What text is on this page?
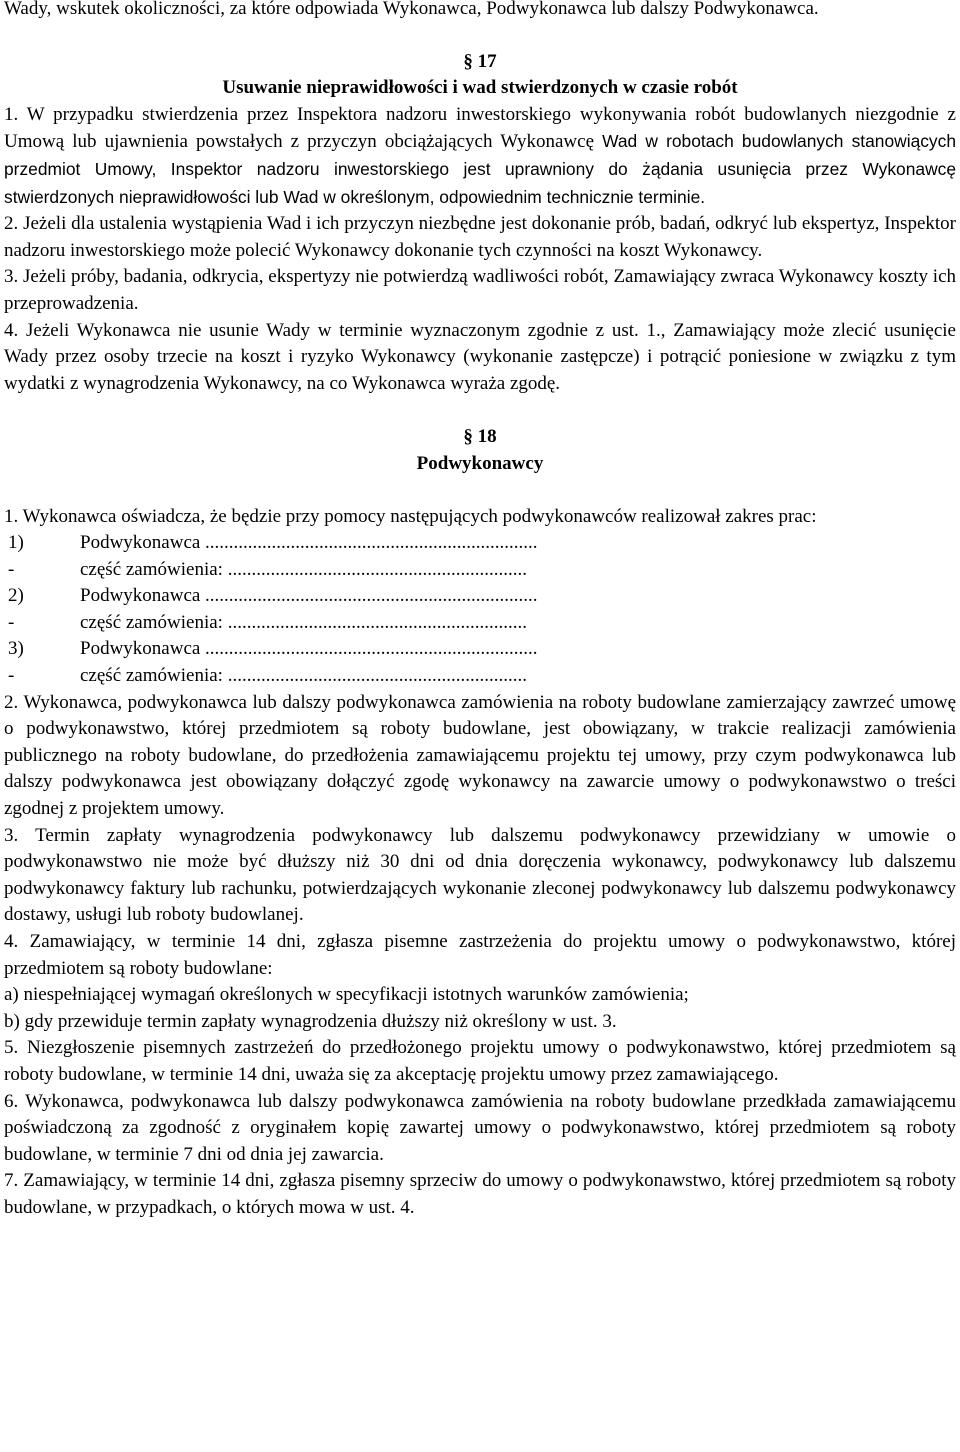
Wady, wskutek okoliczności, za które odpowiada Wykonawca, Podwykonawca lub dalszy Podwykonawca.

§ 17

Usuwanie nieprawidłowości i wad stwierdzonych w czasie robót

1. W przypadku stwierdzenia przez Inspektora nadzoru inwestorskiego wykonywania robót budowlanych niezgodnie z Umową lub ujawnienia powstałych z przyczyn obciążających Wykonawcę Wad w robotach budowlanych stanowiących przedmiot Umowy, Inspektor nadzoru inwestorskiego jest uprawniony do żądania usunięcia przez Wykonawcę stwierdzonych nieprawidłowości lub Wad w określonym, odpowiednim technicznie terminie.

2. Jeżeli dla ustalenia wystąpienia Wad i ich przyczyn niezbędne jest dokonanie prób, badań, odkryć lub ekspertyz, Inspektor nadzoru inwestorskiego może polecić Wykonawcy dokonanie tych czynności na koszt Wykonawcy.

3. Jeżeli próby, badania, odkrycia, ekspertyzy nie potwierdzą wadliwości robót, Zamawiający zwraca Wykonawcy koszty ich przeprowadzenia.

4. Jeżeli Wykonawca nie usunie Wady w terminie wyznaczonym zgodnie z ust. 1., Zamawiający może zlecić usunięcie Wady przez osoby trzecie na koszt i ryzyko Wykonawcy (wykonanie zastępcze) i potrącić poniesione w związku z tym wydatki z wynagrodzenia Wykonawcy, na co Wykonawca wyraża zgodę.

§ 18

Podwykonawcy

1. Wykonawca oświadcza, że będzie przy pomocy następujących podwykonawców realizował zakres prac:

1)	Podwykonawca ......................................................................

-	część zamówienia: ...............................................................

2)	Podwykonawca ......................................................................

-	część zamówienia: ...............................................................

3)	Podwykonawca ......................................................................

-	część zamówienia: ...............................................................

2. Wykonawca, podwykonawca lub dalszy podwykonawca zamówienia na roboty budowlane zamierzający zawrzeć umowę o podwykonawstwo, której przedmiotem są roboty budowlane, jest obowiązany, w trakcie realizacji zamówienia publicznego na roboty budowlane, do przedłożenia zamawiającemu projektu tej umowy, przy czym podwykonawca lub dalszy podwykonawca jest obowiązany dołączyć zgodę wykonawcy na zawarcie umowy o podwykonawstwo o treści zgodnej z projektem umowy.

3. Termin zapłaty wynagrodzenia podwykonawcy lub dalszemu podwykonawcy przewidziany w umowie o podwykonawstwo nie może być dłuższy niż 30 dni od dnia doręczenia wykonawcy, podwykonawcy lub dalszemu podwykonawcy faktury lub rachunku, potwierdzających wykonanie zleconej podwykonawcy lub dalszemu podwykonawcy dostawy, usługi lub roboty budowlanej.

4. Zamawiający, w terminie 14 dni, zgłasza pisemne zastrzeżenia do projektu umowy o podwykonawstwo, której przedmiotem są roboty budowlane:

a) niespełniającej wymagań określonych w specyfikacji istotnych warunków zamówienia;

b) gdy przewiduje termin zapłaty wynagrodzenia dłuższy niż określony w ust. 3.

5. Niezgłoszenie pisemnych zastrzeżeń do przedłożonego projektu umowy o podwykonawstwo, której przedmiotem są roboty budowlane, w terminie 14 dni, uważa się za akceptację projektu umowy przez zamawiającego.

6. Wykonawca, podwykonawca lub dalszy podwykonawca zamówienia na roboty budowlane przedkłada zamawiającemu poświadczoną za zgodność z oryginałem kopię zawartej umowy o podwykonawstwo, której przedmiotem są roboty budowlane, w terminie 7 dni od dnia jej zawarcia.

7. Zamawiający, w terminie 14 dni, zgłasza pisemny sprzeciw do umowy o podwykonawstwo, której przedmiotem są roboty budowlane, w przypadkach, o których mowa w ust. 4.
